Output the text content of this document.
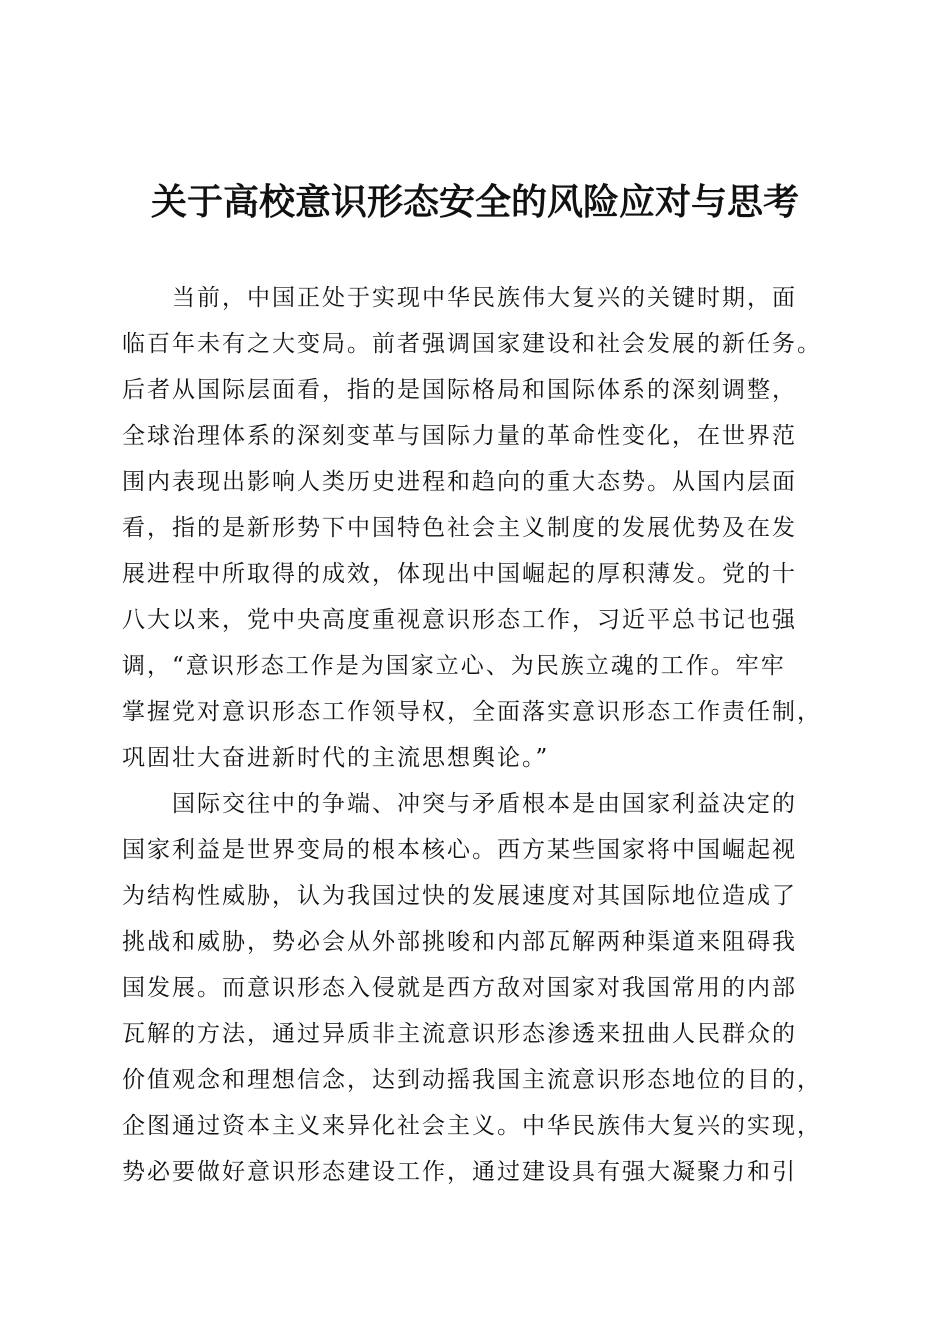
关于高校意识形态安全的风险应对与思考

当前，中国正处于实现中华民族伟大复兴的关键时期，面

临百年未有之大变局。前者强调国家建设和社会发展的新任务。

后者从国际层面看，指的是国际格局和国际体系的深刻调整，

全球治理体系的深刻变革与国际力量的革命性变化，在世界范

围内表现出影响人类历史进程和趋向的重大态势。从国内层面

看，指的是新形势下中国特色社会主义制度的发展优势及在发

展进程中所取得的成效，体现出中国崛起的厚积薄发。党的十

八大以来，党中央高度重视意识形态工作，习近平总书记也强

调，“意识形态工作是为国家立心、为民族立魂的工作。牢牢

掌握党对意识形态工作领导权，全面落实意识形态工作责任制，

巩固壮大奋进新时代的主流思想舆论。”

国际交往中的争端、冲突与矛盾根本是由国家利益决定的

国家利益是世界变局的根本核心。西方某些国家将中国崛起视

为结构性威胁，认为我国过快的发展速度对其国际地位造成了

挑战和威胁，势必会从外部挑唆和内部瓦解两种渠道来阻碍我

国发展。而意识形态入侵就是西方敌对国家对我国常用的内部

瓦解的方法，通过异质非主流意识形态渗透来扭曲人民群众的

价值观念和理想信念，达到动摇我国主流意识形态地位的目的，

企图通过资本主义来异化社会主义。中华民族伟大复兴的实现，

势必要做好意识形态建设工作，通过建设具有强大凝聚力和引
